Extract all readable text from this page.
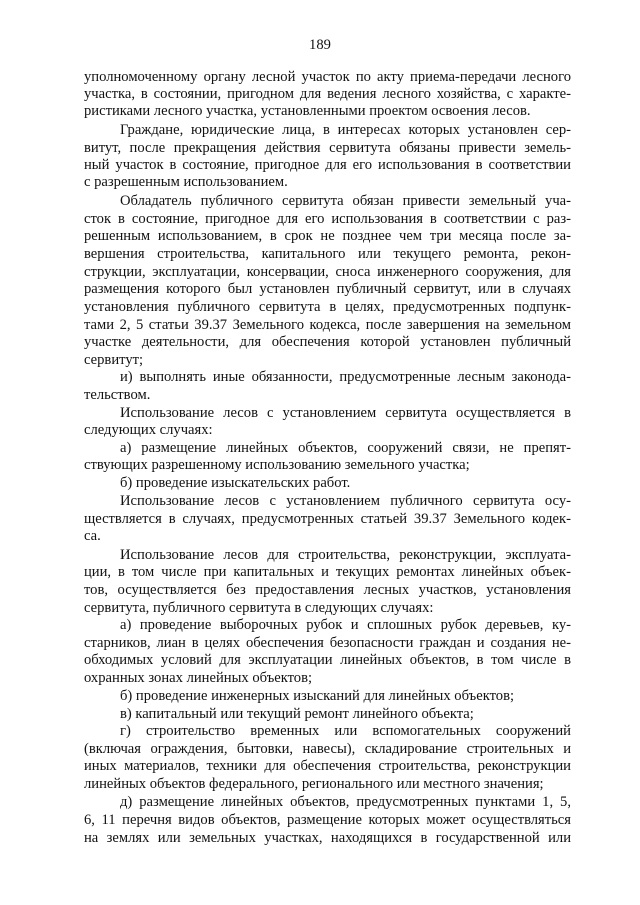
189
уполномоченному органу лесной участок по акту приема-передачи лесного
участка, в состоянии, пригодном для ведения лесного хозяйства, с характе-
ристиками лесного участка, установленными проектом освоения лесов.
Граждане, юридические лица, в интересах которых установлен сер-
витут, после прекращения действия сервитута обязаны привести земель-
ный участок в состояние, пригодное для его использования в соответствии
с разрешенным использованием.
Обладатель публичного сервитута обязан привести земельный уча-
сток в состояние, пригодное для его использования в соответствии с раз-
решенным использованием, в срок не позднее чем три месяца после за-
вершения строительства, капитального или текущего ремонта, рекон-
струкции, эксплуатации, консервации, сноса инженерного сооружения, для
размещения которого был установлен публичный сервитут, или в случаях
установления публичного сервитута в целях, предусмотренных подпунк-
тами 2, 5 статьи 39.37 Земельного кодекса, после завершения на земельном
участке деятельности, для обеспечения которой установлен публичный
сервитут;
и) выполнять иные обязанности, предусмотренные лесным законода-
тельством.
Использование лесов с установлением сервитута осуществляется в
следующих случаях:
а) размещение линейных объектов, сооружений связи, не препят-
ствующих разрешенному использованию земельного участка;
б) проведение изыскательских работ.
Использование лесов с установлением публичного сервитута осу-
ществляется в случаях, предусмотренных статьей 39.37 Земельного кодек-
са.
Использование лесов для строительства, реконструкции, эксплуата-
ции, в том числе при капитальных и текущих ремонтах линейных объек-
тов, осуществляется без предоставления лесных участков, установления
сервитута, публичного сервитута в следующих случаях:
а) проведение выборочных рубок и сплошных рубок деревьев, ку-
старников, лиан в целях обеспечения безопасности граждан и создания не-
обходимых условий для эксплуатации линейных объектов, в том числе в
охранных зонах линейных объектов;
б) проведение инженерных изысканий для линейных объектов;
в) капитальный или текущий ремонт линейного объекта;
г) строительство временных или вспомогательных сооружений
(включая ограждения, бытовки, навесы), складирование строительных и
иных материалов, техники для обеспечения строительства, реконструкции
линейных объектов федерального, регионального или местного значения;
д) размещение линейных объектов, предусмотренных пунктами 1, 5,
6, 11 перечня видов объектов, размещение которых может осуществляться
на землях или земельных участках, находящихся в государственной или
